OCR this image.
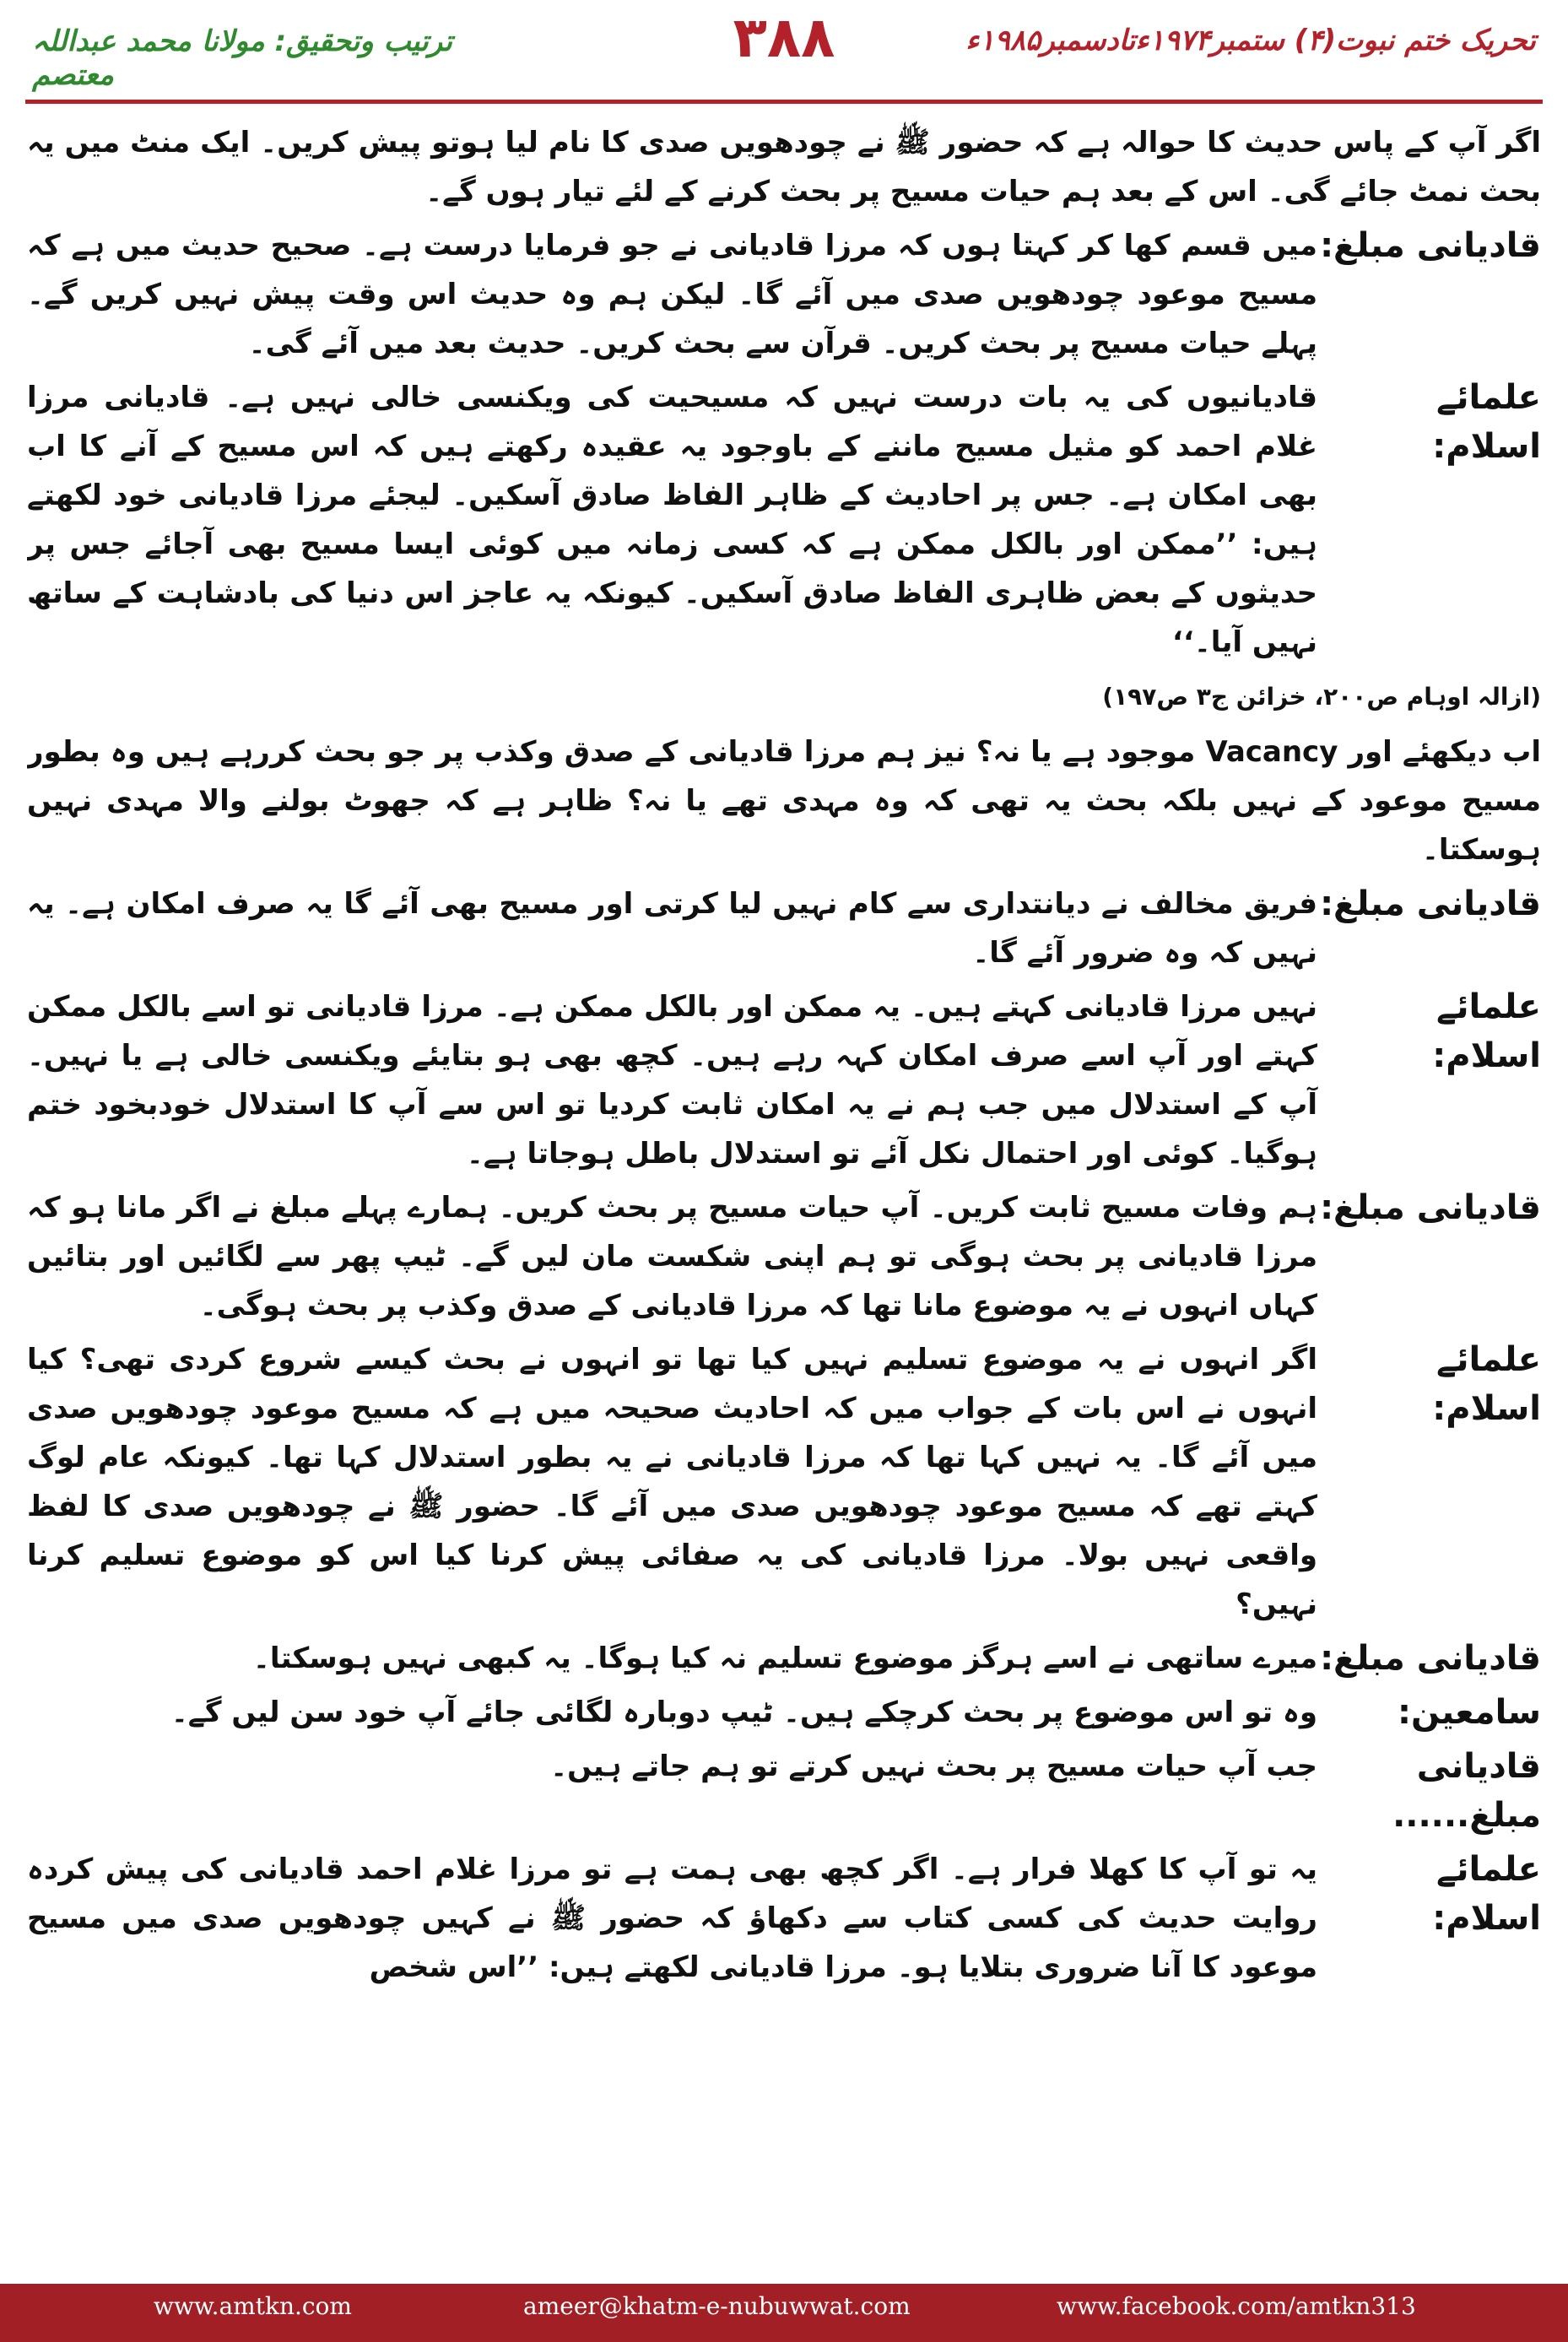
ترتیب وتحقیق: مولانا محمد عبداللہ معتصم
۳۸۸	تحریک ختم نبوت(۴) ستمبر۱۹۷۴ءتادسمبر۱۹۸۵ء

اگر آپ کے پاس حدیث کا حوالہ ہے کہ حضور ﷺ نے چودھویں صدی کا نام لیا ہوتو پیش کریں۔ ایک منٹ میں یہ بحث نمٹ جائے گی۔ اس کے بعد ہم حیات مسیح پر بحث کرنے کے لئے تیار ہوں گے۔

قادیانی مبلغ:
میں قسم کھا کر کہتا ہوں کہ مرزا قادیانی نے جو فرمایا درست ہے۔ صحیح حدیث میں ہے کہ مسیح موعود چودھویں صدی میں آئے گا۔ لیکن ہم وہ حدیث اس وقت پیش نہیں کریں گے۔ پہلے حیات مسیح پر بحث کریں۔ قرآن سے بحث کریں۔ حدیث بعد میں آئے گی۔
علمائے اسلام:
قادیانیوں کی یہ بات درست نہیں کہ مسیحیت کی ویکنسی خالی نہیں ہے۔ قادیانی مرزا غلام احمد کو مثیل مسیح ماننے کے باوجود یہ عقیدہ رکھتے ہیں کہ اس مسیح کے آنے کا اب بھی امکان ہے۔ جس پر احادیث کے ظاہر الفاظ صادق آسکیں۔ لیجئے مرزا قادیانی خود لکھتے ہیں: ’’ممکن اور بالکل ممکن ہے کہ کسی زمانہ میں کوئی ایسا مسیح بھی آجائے جس پر حدیثوں کے بعض ظاہری الفاظ صادق آسکیں۔ کیونکہ یہ عاجز اس دنیا کی بادشاہت کے ساتھ نہیں آیا۔‘‘
(ازالہ اوہام ص۲۰۰، خزائن ج۳ ص۱۹۷)

اب دیکھئے اور Vacancy موجود ہے یا نہ؟ نیز ہم مرزا قادیانی کے صدق وکذب پر جو بحث کررہے ہیں وہ بطور مسیح موعود کے نہیں بلکہ بحث یہ تھی کہ وہ مہدی تھے یا نہ؟ ظاہر ہے کہ جھوٹ بولنے والا مہدی نہیں ہوسکتا۔

قادیانی مبلغ:
فریق مخالف نے دیانتداری سے کام نہیں لیا کرتی اور مسیح بھی آئے گا یہ صرف امکان ہے۔ یہ نہیں کہ وہ ضرور آئے گا۔
علمائے اسلام:
نہیں مرزا قادیانی کہتے ہیں۔ یہ ممکن اور بالکل ممکن ہے۔ مرزا قادیانی تو اسے بالکل ممکن کہتے اور آپ اسے صرف امکان کہہ رہے ہیں۔ کچھ بھی ہو بتایئے ویکنسی خالی ہے یا نہیں۔ آپ کے استدلال میں جب ہم نے یہ امکان ثابت کردیا تو اس سے آپ کا استدلال خودبخود ختم ہوگیا۔ کوئی اور احتمال نکل آئے تو استدلال باطل ہوجاتا ہے۔
قادیانی مبلغ:
ہم وفات مسیح ثابت کریں۔ آپ حیات مسیح پر بحث کریں۔ ہمارے پہلے مبلغ نے اگر مانا ہو کہ مرزا قادیانی پر بحث ہوگی تو ہم اپنی شکست مان لیں گے۔ ٹیپ پھر سے لگائیں اور بتائیں کہاں انہوں نے یہ موضوع مانا تھا کہ مرزا قادیانی کے صدق وکذب پر بحث ہوگی۔
علمائے اسلام:
اگر انہوں نے یہ موضوع تسلیم نہیں کیا تھا تو انہوں نے بحث کیسے شروع کردی تھی؟ کیا انہوں نے اس بات کے جواب میں کہ احادیث صحیحہ میں ہے کہ مسیح موعود چودھویں صدی میں آئے گا۔ یہ نہیں کہا تھا کہ مرزا قادیانی نے یہ بطور استدلال کہا تھا۔ کیونکہ عام لوگ کہتے تھے کہ مسیح موعود چودھویں صدی میں آئے گا۔ حضور ﷺ نے چودھویں صدی کا لفظ واقعی نہیں بولا۔ مرزا قادیانی کی یہ صفائی پیش کرنا کیا اس کو موضوع تسلیم کرنا نہیں؟
قادیانی مبلغ:
میرے ساتھی نے اسے ہرگز موضوع تسلیم نہ کیا ہوگا۔ یہ کبھی نہیں ہوسکتا۔
سامعین:
وہ تو اس موضوع پر بحث کرچکے ہیں۔ ٹیپ دوبارہ لگائی جائے آپ خود سن لیں گے۔
قادیانی مبلغ......
جب آپ حیات مسیح پر بحث نہیں کرتے تو ہم جاتے ہیں۔
علمائے اسلام:
یہ تو آپ کا کھلا فرار ہے۔ اگر کچھ بھی ہمت ہے تو مرزا غلام احمد قادیانی کی پیش کردہ روایت حدیث کی کسی کتاب سے دکھاؤ کہ حضور ﷺ نے کہیں چودھویں صدی میں مسیح موعود کا آنا ضروری بتلایا ہو۔ مرزا قادیانی لکھتے ہیں: ’’اس شخص
www.amtkn.com	ameer@khatm-e-nubuwwat.com	www.facebook.com/amtkn313
